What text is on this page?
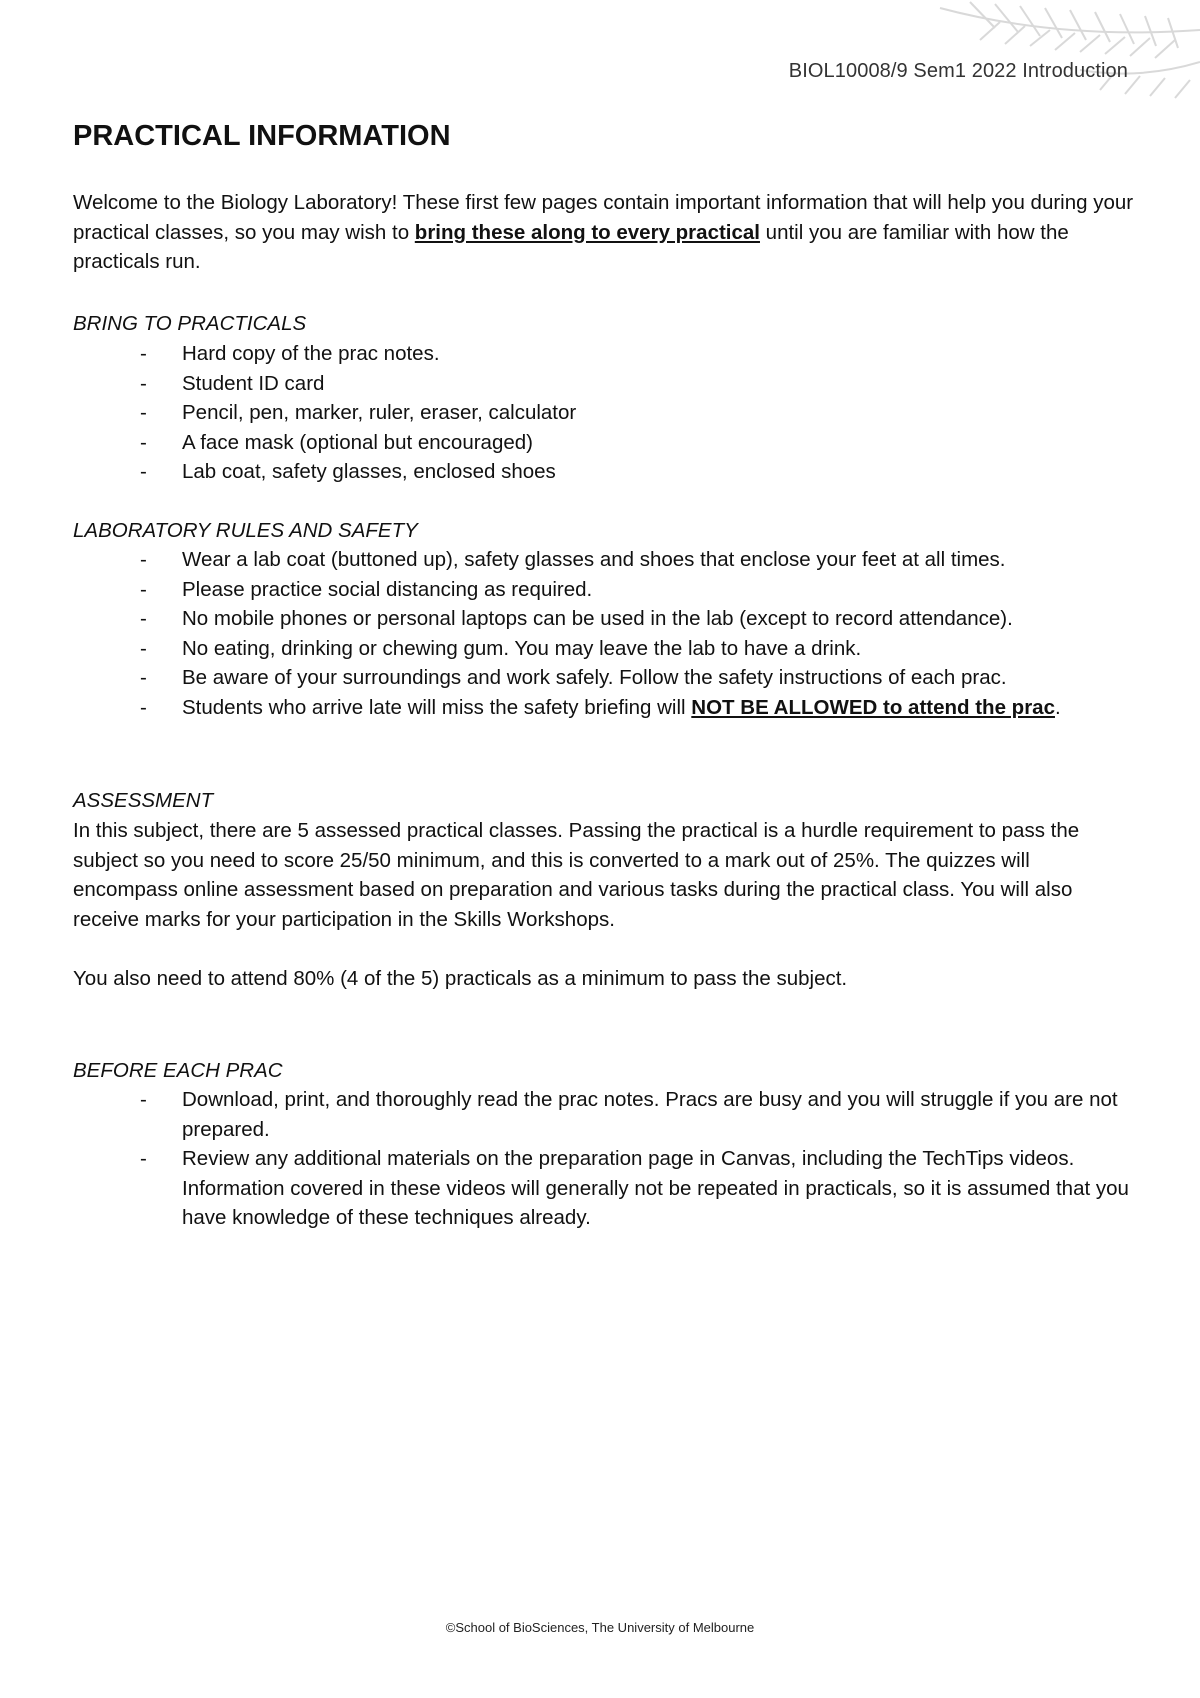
BIOL10008/9 Sem1 2022 Introduction
PRACTICAL INFORMATION

Welcome to the Biology Laboratory! These first few pages contain important information that will help you during your practical classes, so you may wish to bring these along to every practical until you are familiar with how the practicals run.

BRING TO PRACTICALS

- Hard copy of the prac notes.
- Student ID card
- Pencil, pen, marker, ruler, eraser, calculator
- A face mask (optional but encouraged)
- Lab coat, safety glasses, enclosed shoes

LABORATORY RULES AND SAFETY

- Wear a lab coat (buttoned up), safety glasses and shoes that enclose your feet at all times.
- Please practice social distancing as required.
- No mobile phones or personal laptops can be used in the lab (except to record attendance).
- No eating, drinking or chewing gum. You may leave the lab to have a drink.
- Be aware of your surroundings and work safely. Follow the safety instructions of each prac.
- Students who arrive late will miss the safety briefing will NOT BE ALLOWED to attend the prac.

ASSESSMENT

In this subject, there are 5 assessed practical classes. Passing the practical is a hurdle requirement to pass the subject so you need to score 25/50 minimum, and this is converted to a mark out of 25%. The quizzes will encompass online assessment based on preparation and various tasks during the practical class. You will also receive marks for your participation in the Skills Workshops.

You also need to attend 80% (4 of the 5) practicals as a minimum to pass the subject.

BEFORE EACH PRAC

- Download, print, and thoroughly read the prac notes. Pracs are busy and you will struggle if you are not prepared.
- Review any additional materials on the preparation page in Canvas, including the TechTips videos. Information covered in these videos will generally not be repeated in practicals, so it is assumed that you have knowledge of these techniques already.
©School of BioSciences, The University of Melbourne
